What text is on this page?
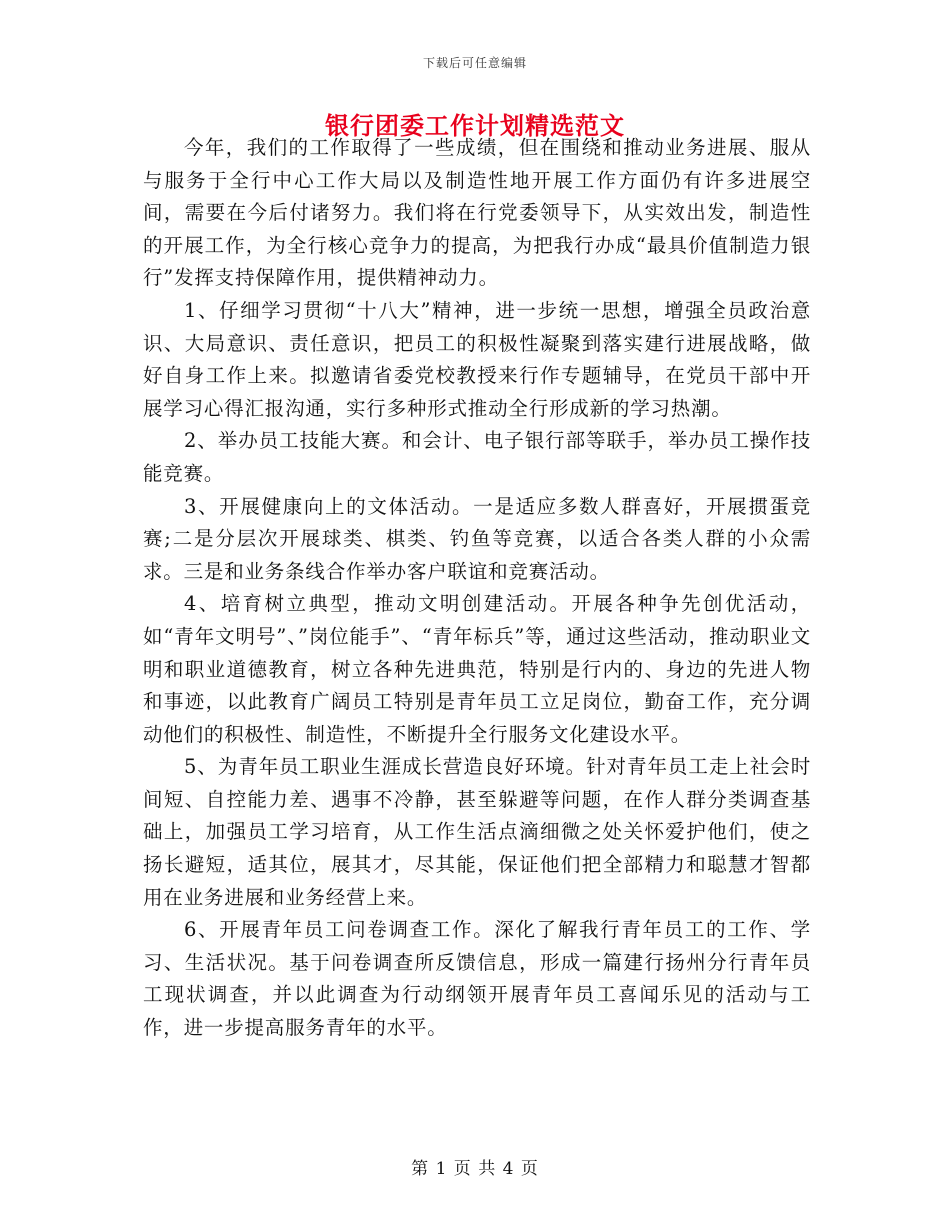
下载后可任意编辑
银行团委工作计划精选范文

今年，我们的工作取得了一些成绩，但在围绕和推动业务进展、服从与服务于全行中心工作大局以及制造性地开展工作方面仍有许多进展空间，需要在今后付诸努力。我们将在行党委领导下，从实效出发，制造性的开展工作，为全行核心竞争力的提高，为把我行办成“最具价值制造力银行”发挥支持保障作用，提供精神动力。

1、仔细学习贯彻“十八大”精神，进一步统一思想，增强全员政治意识、大局意识、责任意识，把员工的积极性凝聚到落实建行进展战略，做好自身工作上来。拟邀请省委党校教授来行作专题辅导，在党员干部中开展学习心得汇报沟通，实行多种形式推动全行形成新的学习热潮。

2、举办员工技能大赛。和会计、电子银行部等联手，举办员工操作技能竞赛。

3、开展健康向上的文体活动。一是适应多数人群喜好，开展掼蛋竞赛;二是分层次开展球类、棋类、钓鱼等竞赛，以适合各类人群的小众需求。三是和业务条线合作举办客户联谊和竞赛活动。

4、培育树立典型，推动文明创建活动。开展各种争先创优活动，如“青年文明号”、”岗位能手”、“青年标兵”等，通过这些活动，推动职业文明和职业道德教育，树立各种先进典范，特别是行内的、身边的先进人物和事迹，以此教育广阔员工特别是青年员工立足岗位，勤奋工作，充分调动他们的积极性、制造性，不断提升全行服务文化建设水平。

5、为青年员工职业生涯成长营造良好环境。针对青年员工走上社会时间短、自控能力差、遇事不冷静，甚至躲避等问题，在作人群分类调查基础上，加强员工学习培育，从工作生活点滴细微之处关怀爱护他们，使之扬长避短，适其位，展其才，尽其能，保证他们把全部精力和聪慧才智都用在业务进展和业务经营上来。

6、开展青年员工问卷调查工作。深化了解我行青年员工的工作、学习、生活状况。基于问卷调查所反馈信息，形成一篇建行扬州分行青年员工现状调查，并以此调查为行动纲领开展青年员工喜闻乐见的活动与工作，进一步提高服务青年的水平。

第 1 页 共 4 页
